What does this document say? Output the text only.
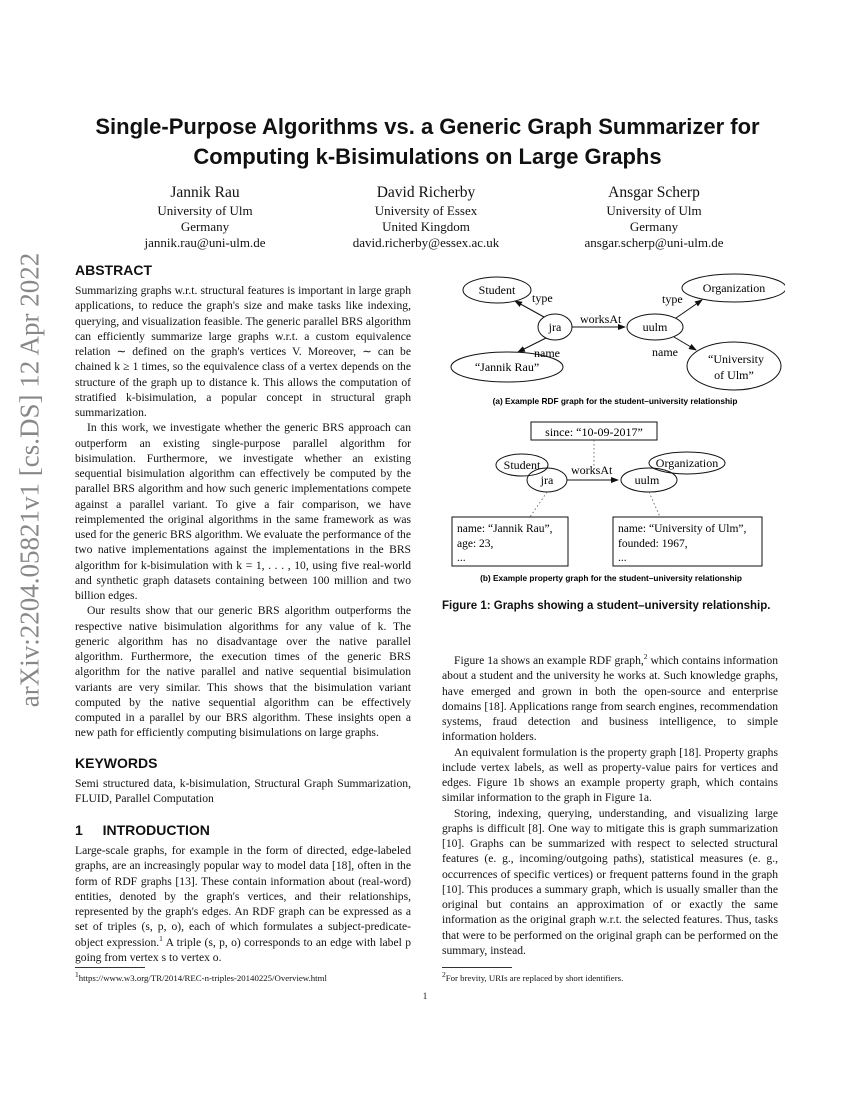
arXiv:2204.05821v1 [cs.DS] 12 Apr 2022
Single-Purpose Algorithms vs. a Generic Graph Summarizer for
Computing k-Bisimulations on Large Graphs
Jannik Rau
University of Ulm
Germany
jannik.rau@uni-ulm.de
David Richerby
University of Essex
United Kingdom
david.richerby@essex.ac.uk
Ansgar Scherp
University of Ulm
Germany
ansgar.scherp@uni-ulm.de
ABSTRACT

Summarizing graphs w.r.t. structural features is important in large graph applications, to reduce the graph's size and make tasks like indexing, querying, and visualization feasible. The generic parallel BRS algorithm can efficiently summarize large graphs w.r.t. a custom equivalence relation ∼ defined on the graph's vertices V. Moreover, ∼ can be chained k ≥ 1 times, so the equivalence class of a vertex depends on the structure of the graph up to distance k. This allows the computation of stratified k-bisimulation, a popular concept in structural graph summarization.

In this work, we investigate whether the generic BRS approach can outperform an existing single-purpose parallel algorithm for bisimulation. Furthermore, we investigate whether an existing sequential bisimulation algorithm can effectively be computed by the parallel BRS algorithm and how such generic implementations compete against a parallel variant. To give a fair comparison, we have reimplemented the original algorithms in the same framework as was used for the generic BRS algorithm. We evaluate the performance of the two native implementations against the implementations in the BRS algorithm for k-bisimulation with k = 1, . . . , 10, using five real-world and synthetic graph datasets containing between 100 million and two billion edges.

Our results show that our generic BRS algorithm outperforms the respective native bisimulation algorithms for any value of k. The generic algorithm has no disadvantage over the native parallel algorithm. Furthermore, the execution times of the generic BRS algorithm for the native parallel and native sequential bisimulation variants are very similar. This shows that the bisimulation variant computed by the native sequential algorithm can be effectively computed in a parallel by our BRS algorithm. These insights open a new path for efficiently computing bisimulations on large graphs.

KEYWORDS
Semi structured data, k-bisimulation, Structural Graph Summarization, FLUID, Parallel Computation
1 INTRODUCTION
Large-scale graphs, for example in the form of directed, edge-labeled graphs, are an increasingly popular way to model data [18], often in the form of RDF graphs [13]. These contain information about (real-word) entities, denoted by the graph's vertices, and their relationships, represented by the graph's edges. An RDF graph can be expressed as a set of triples (s, p, o), each of which formulates a subject-predicate-object expression.$^1$ A triple (s, p, o) corresponds to an edge with label p going from vertex s to vertex o.
$^1$https://www.w3.org/TR/2014/REC-n-triples-20140225/Overview.html
Student	Organization
jra	uulm
“Jannik Rau”
“University
of Ulm”
type
worksAt
type
name	name
(a) Example RDF graph for the student–university relationship
since: “10-09-2017”
Student
jra
Organization
uulm
worksAt
name: “Jannik Rau”,
age: 23,
...
name: “University of Ulm”,
founded: 1967,
...
(b) Example property graph for the student–university relationship
Figure 1: Graphs showing a student–university relationship.

Figure 1a shows an example RDF graph,$^2$ which contains information about a student and the university he works at. Such knowledge graphs, have emerged and grown in both the open-source and enterprise domains [18]. Applications range from search engines, recommendation systems, fraud detection and business intelligence, to simple information holders.

An equivalent formulation is the property graph [18]. Property graphs include vertex labels, as well as property-value pairs for vertices and edges. Figure 1b shows an example property graph, which contains similar information to the graph in Figure 1a.

Storing, indexing, querying, understanding, and visualizing large graphs is difficult [8]. One way to mitigate this is graph summarization [10]. Graphs can be summarized with respect to selected structural features (e. g., incoming/outgoing paths), statistical measures (e. g., occurrences of specific vertices) or frequent patterns found in the graph [10]. This produces a summary graph, which is usually smaller than the original but contains an approximation of or exactly the same information as the original graph w.r.t. the selected features. Thus, tasks that were to be performed on the original graph can be performed on the summary, instead.

$^2$For brevity, URIs are replaced by short identifiers.
1
